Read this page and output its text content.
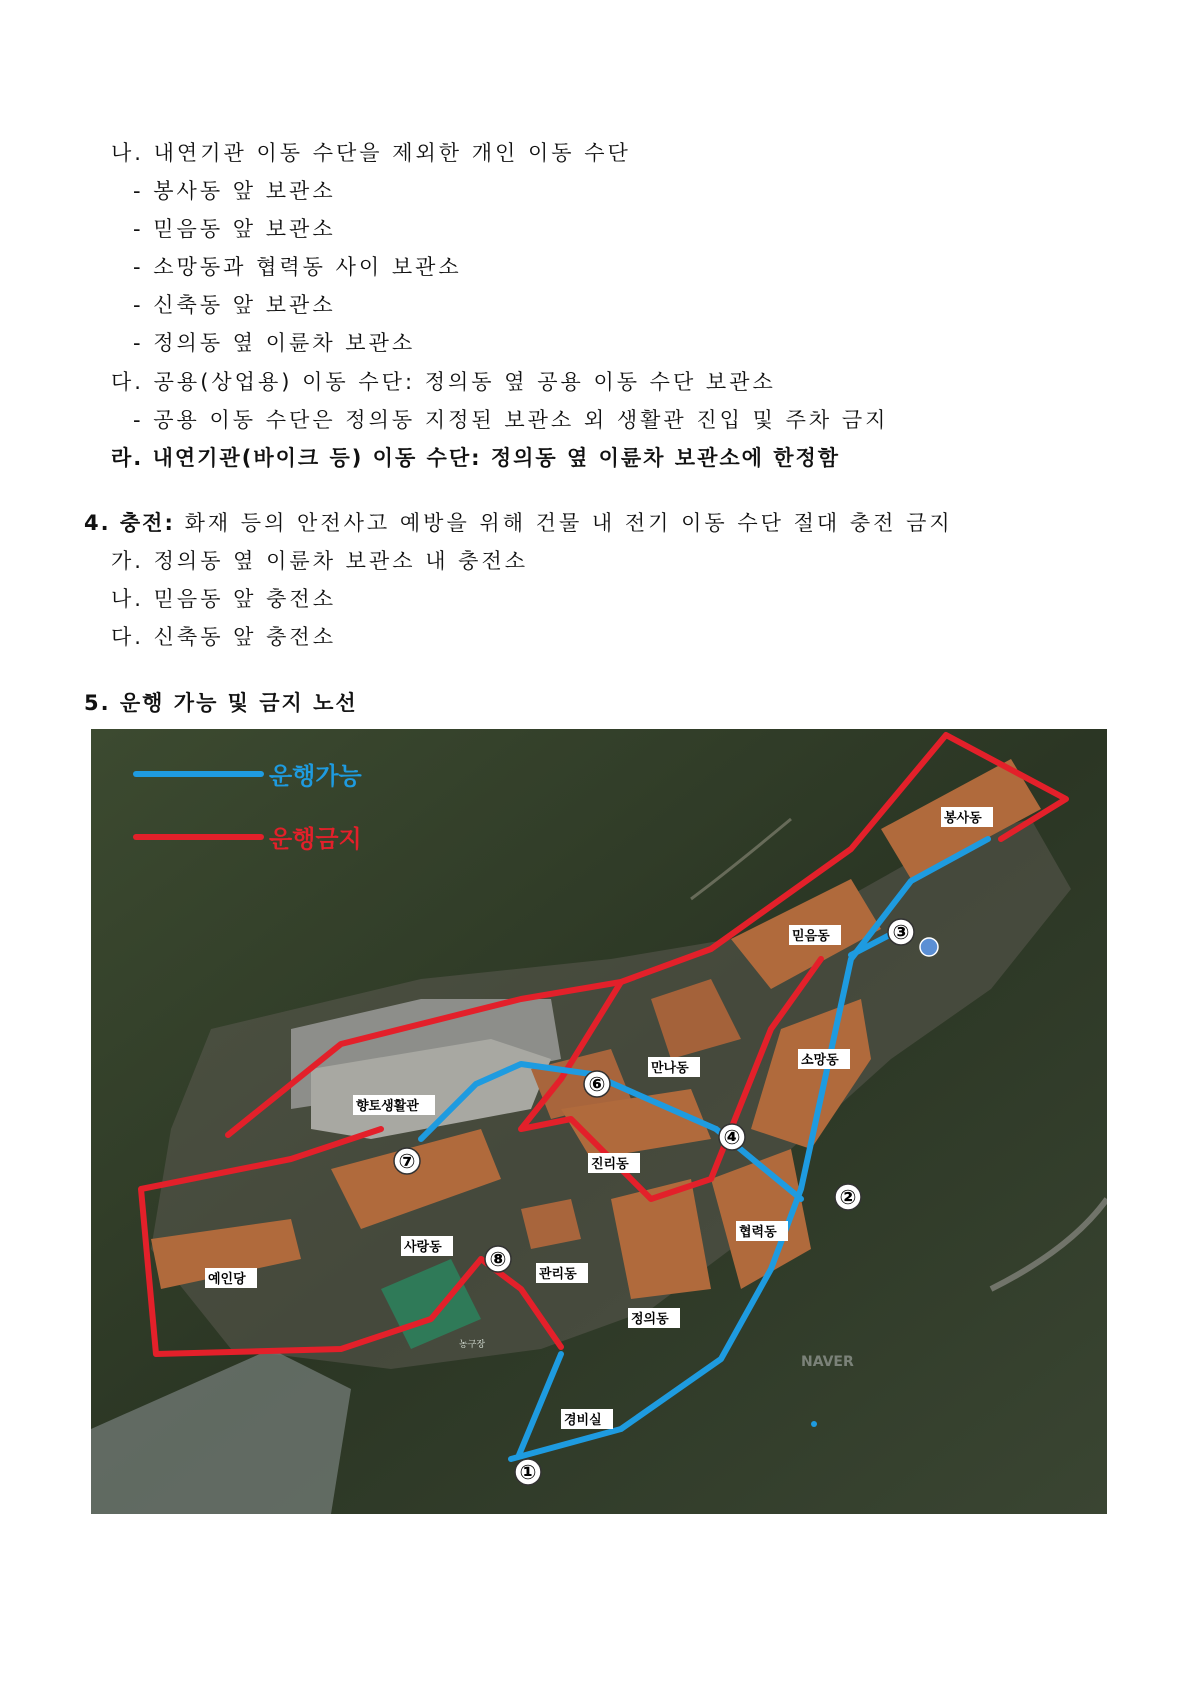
나. 내연기관 이동 수단을 제외한 개인 이동 수단
- 봉사동 앞 보관소
- 믿음동 앞 보관소
- 소망동과 협력동 사이 보관소
- 신축동 앞 보관소
- 정의동 옆 이륜차 보관소
다. 공용(상업용) 이동 수단: 정의동 옆 공용 이동 수단 보관소
- 공용 이동 수단은 정의동 지정된 보관소 외 생활관 진입 및 주차 금지
라. 내연기관(바이크 등) 이동 수단: 정의동 옆 이륜차 보관소에 한정함
4. 충전: 화재 등의 안전사고 예방을 위해 건물 내 전기 이동 수단 절대 충전 금지
가. 정의동 옆 이륜차 보관소 내 충전소
나. 믿음동 앞 충전소
다. 신축동 앞 충전소
5. 운행 가능 및 금지 노선
운행가능
운행금지
봉사동
믿음동
소망동
만나동
향토생활관
진리동
사랑동
예인당	관리동
협력동
정의동
경비실
농구장
NAVER
①
②
③
④
⑥
⑦
⑧
